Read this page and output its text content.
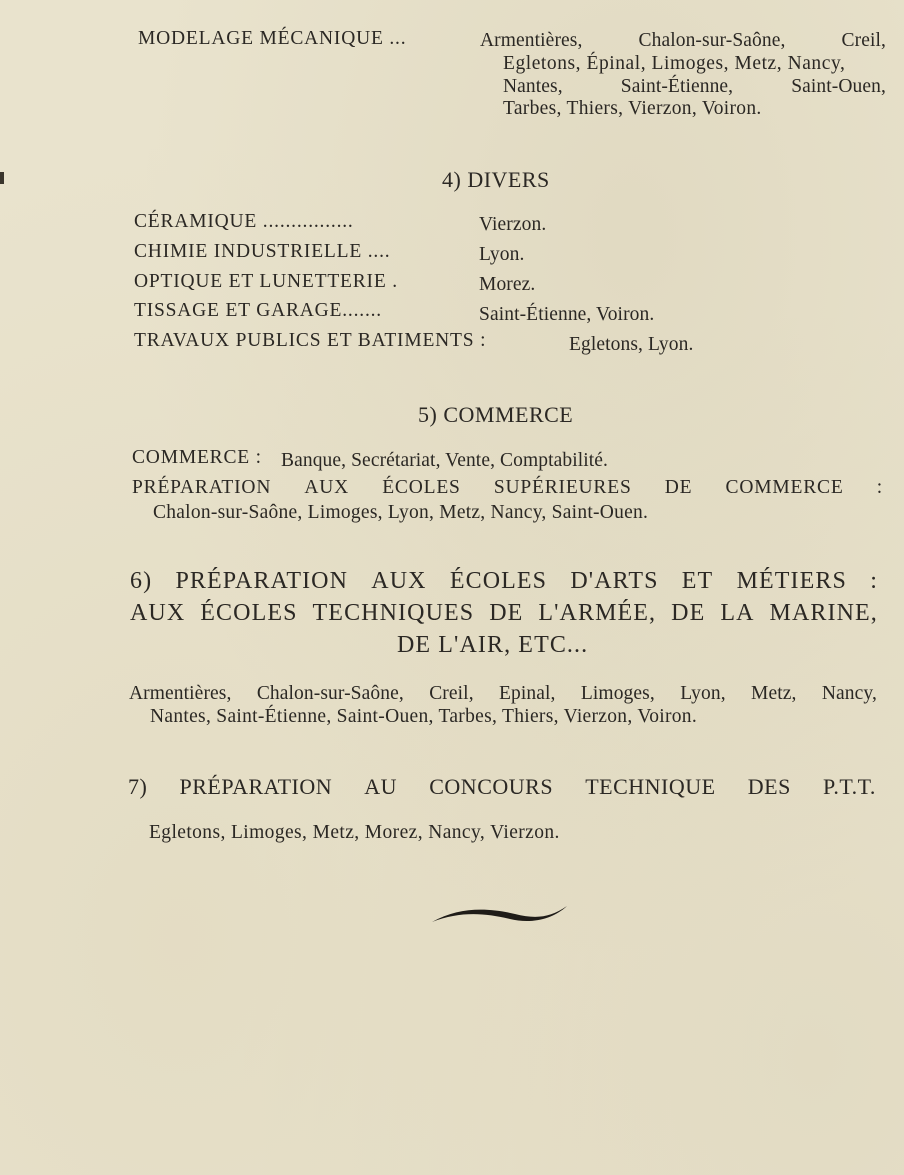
MODELAGE MÉCANIQUE ...	Armentières,	Chalon-sur-Saône,	Creil,
Egletons, Épinal, Limoges, Metz, Nancy,
Nantes,	Saint-Étienne,	Saint-Ouen,
Tarbes, Thiers, Vierzon, Voiron.
4) DIVERS
CÉRAMIQUE ................	Vierzon.
CHIMIE INDUSTRIELLE ....	Lyon.
OPTIQUE ET LUNETTERIE .	Morez.
TISSAGE ET GARAGE.......	Saint-Étienne, Voiron.
TRAVAUX PUBLICS ET BATIMENTS :	Egletons, Lyon.
5) COMMERCE
COMMERCE : Banque, Secrétariat, Vente, Comptabilité.
PRÉPARATION AUX ÉCOLES SUPÉRIEURES DE COMMERCE :
Chalon-sur-Saône, Limoges, Lyon, Metz, Nancy, Saint-Ouen.
6) PRÉPARATION AUX ÉCOLES D'ARTS ET MÉTIERS :
AUX ÉCOLES TECHNIQUES DE L'ARMÉE, DE LA MARINE,
DE L'AIR, ETC...
Armentières, Chalon-sur-Saône, Creil, Epinal, Limoges, Lyon, Metz, Nancy,
Nantes, Saint-Étienne, Saint-Ouen, Tarbes, Thiers, Vierzon, Voiron.
7) PRÉPARATION AU CONCOURS TECHNIQUE DES P.T.T.
Egletons, Limoges, Metz, Morez, Nancy, Vierzon.
